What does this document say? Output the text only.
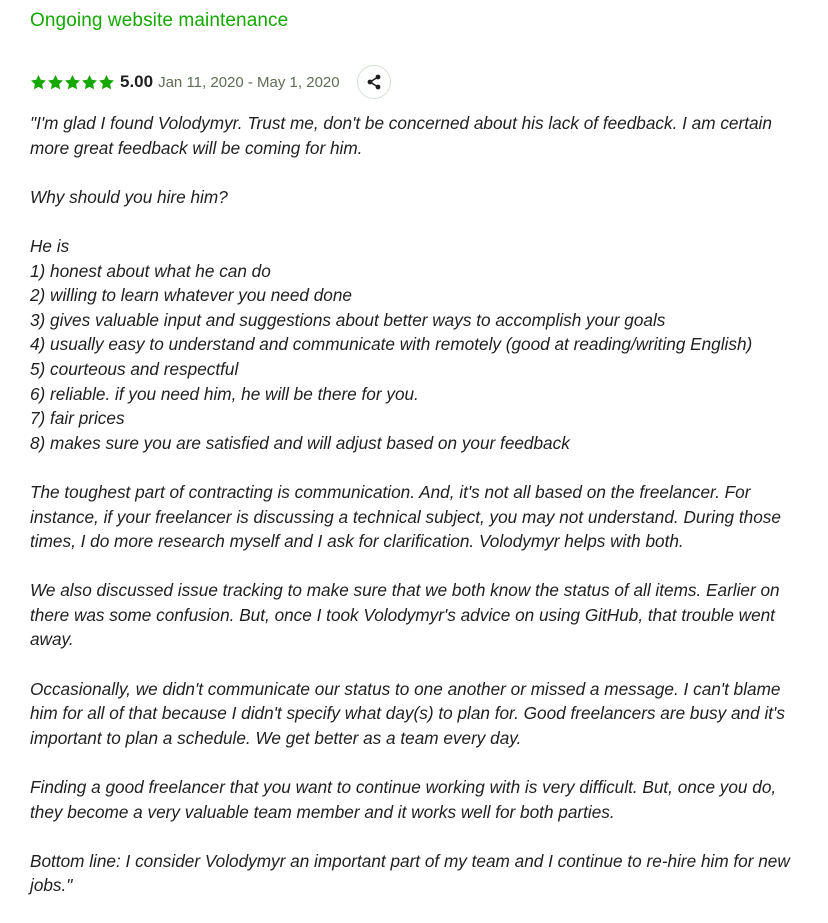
Ongoing website maintenance
5.00 Jan 11, 2020 - May 1, 2020

"I'm glad I found Volodymyr. Trust me, don't be concerned about his lack of feedback. I am certain more great feedback will be coming for him.

Why should you hire him?

He is
1) honest about what he can do
2) willing to learn whatever you need done
3) gives valuable input and suggestions about better ways to accomplish your goals
4) usually easy to understand and communicate with remotely (good at reading/writing English)
5) courteous and respectful
6) reliable. if you need him, he will be there for you.
7) fair prices
8) makes sure you are satisfied and will adjust based on your feedback

The toughest part of contracting is communication. And, it's not all based on the freelancer. For instance, if your freelancer is discussing a technical subject, you may not understand. During those times, I do more research myself and I ask for clarification. Volodymyr helps with both.

We also discussed issue tracking to make sure that we both know the status of all items. Earlier on there was some confusion. But, once I took Volodymyr's advice on using GitHub, that trouble went away.

Occasionally, we didn't communicate our status to one another or missed a message. I can't blame him for all of that because I didn't specify what day(s) to plan for. Good freelancers are busy and it's important to plan a schedule. We get better as a team every day.

Finding a good freelancer that you want to continue working with is very difficult. But, once you do, they become a very valuable team member and it works well for both parties.

Bottom line: I consider Volodymyr an important part of my team and I continue to re-hire him for new jobs."
